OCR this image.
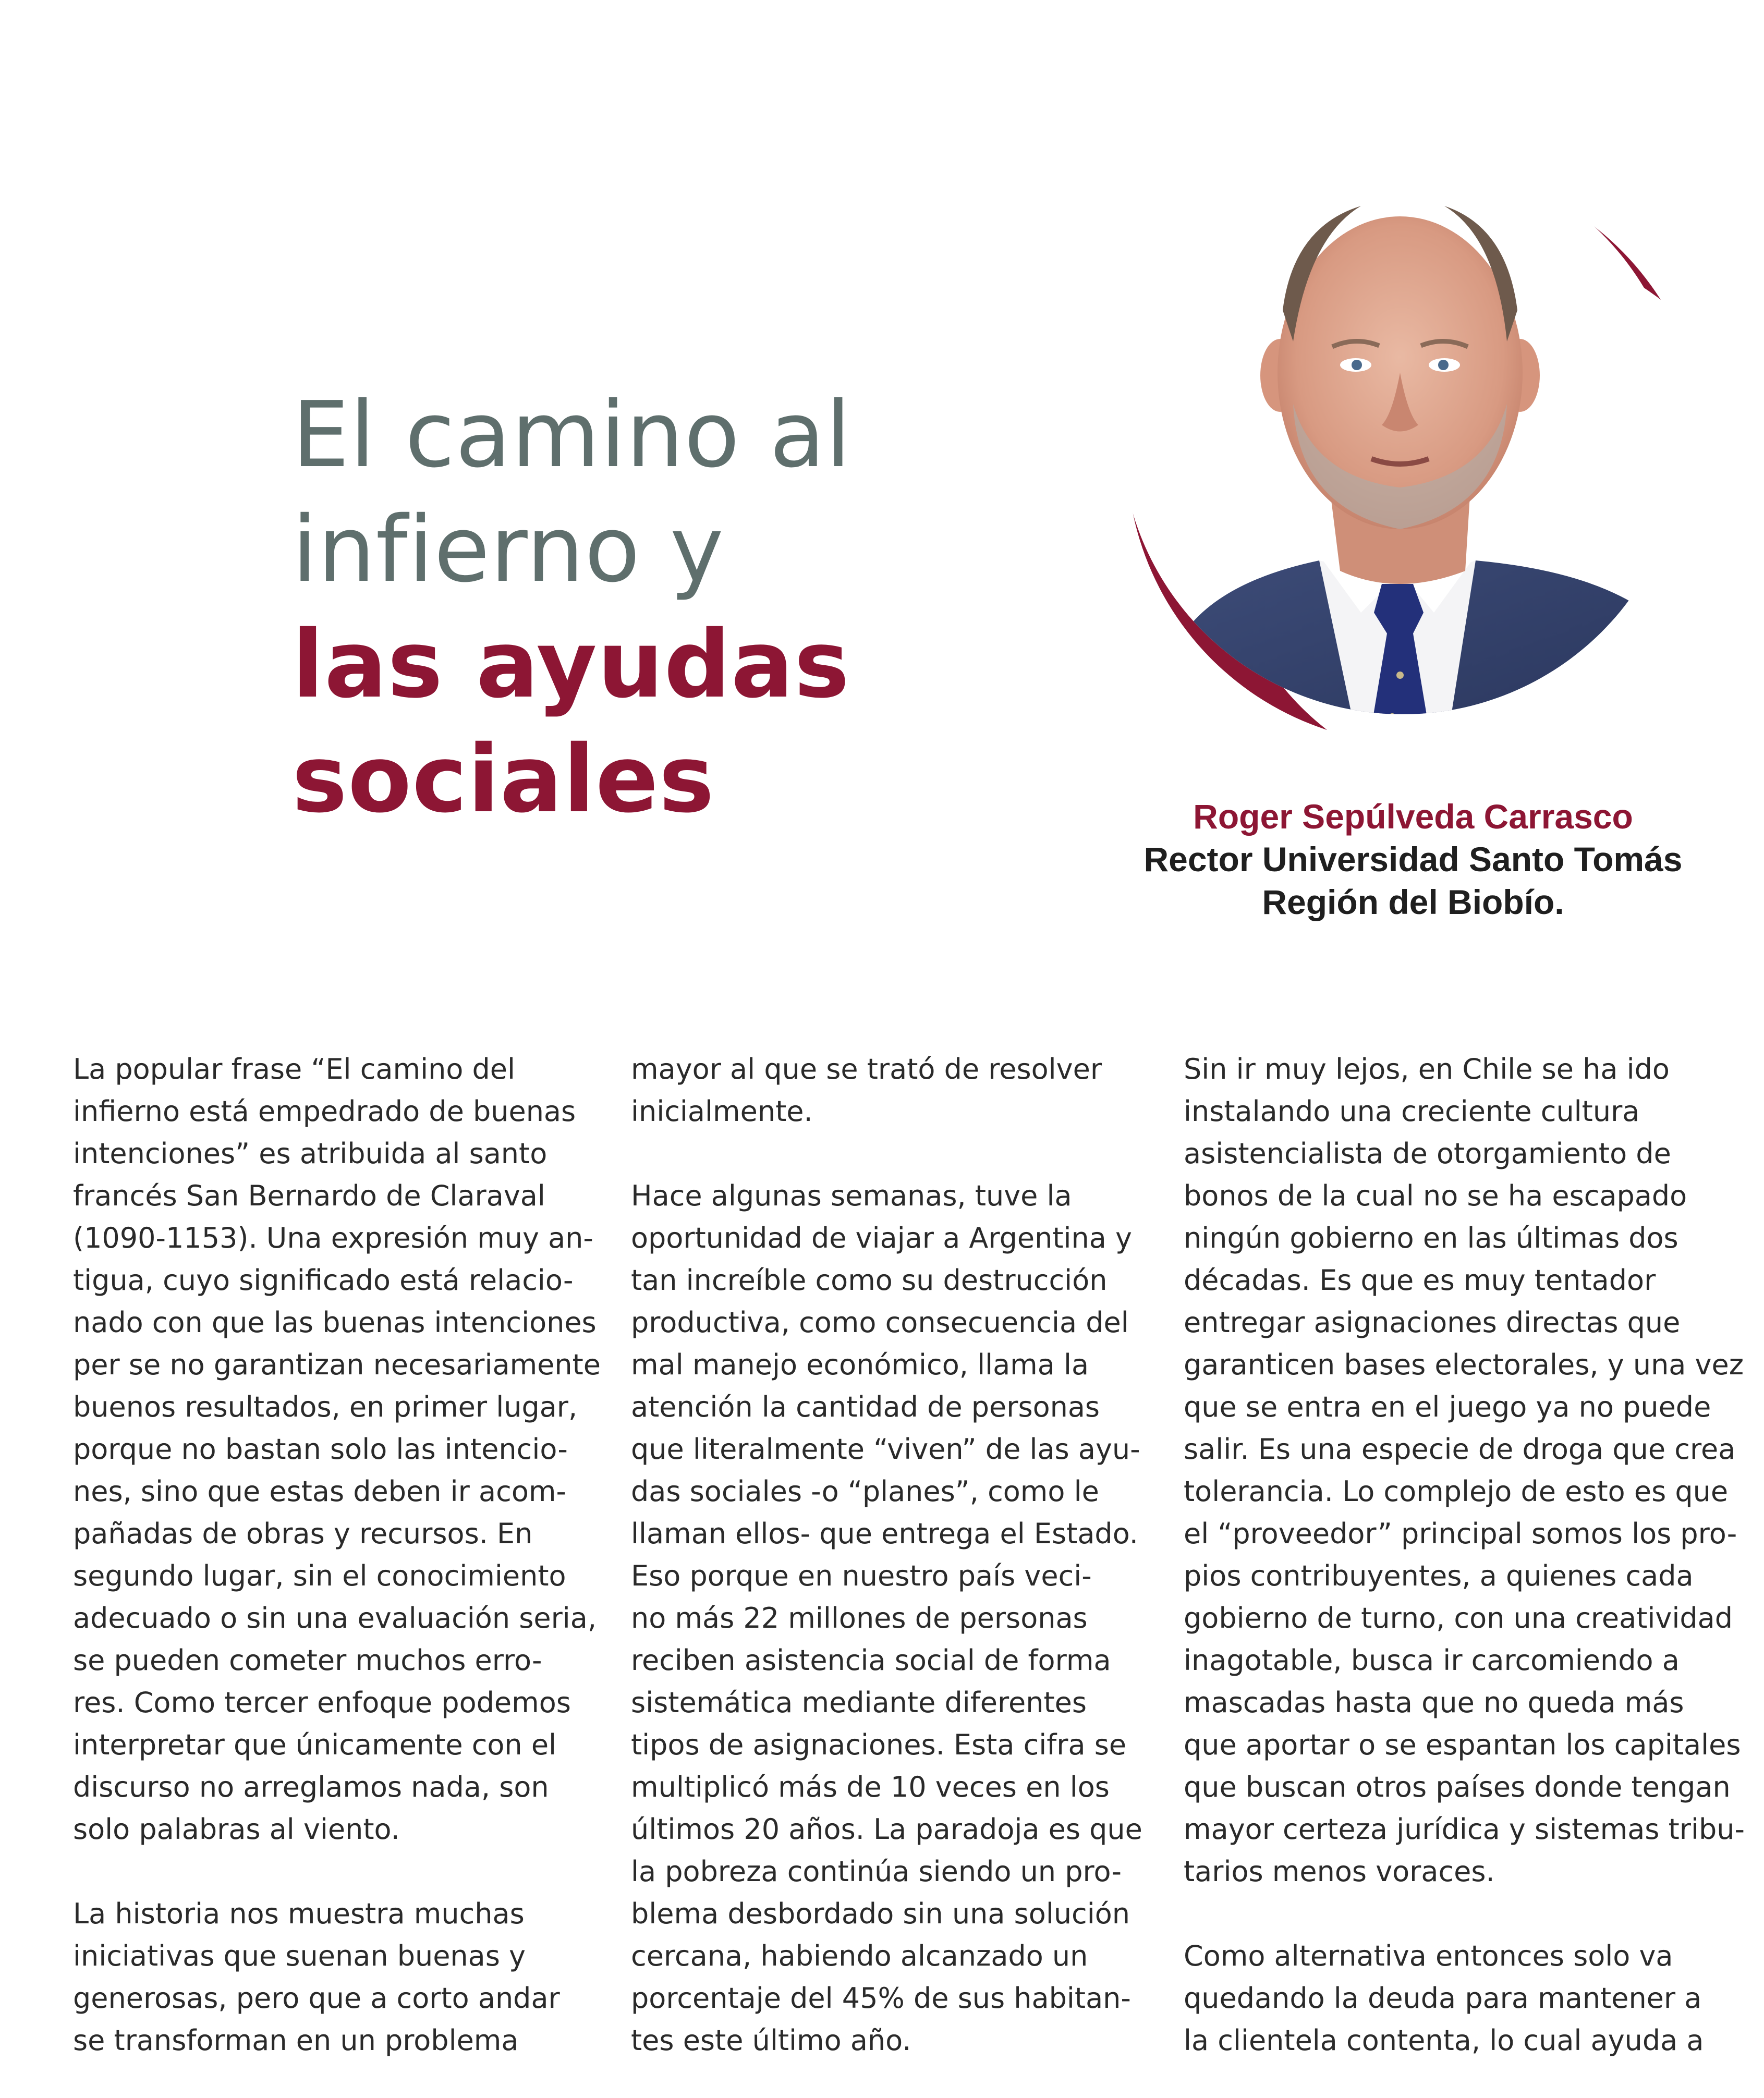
El camino al
infierno y
las ayudas
sociales	Roger Sepúlveda Carrasco
Rector Universidad Santo Tomás
Región del Biobío.

La popular frase “El camino del
infierno está empedrado de buenas
intenciones” es atribuida al santo
francés San Bernardo de Claraval
(1090-1153). Una expresión muy an-
tigua, cuyo significado está relacio-
nado con que las buenas intenciones
per se no garantizan necesariamente
buenos resultados, en primer lugar,
porque no bastan solo las intencio-
nes, sino que estas deben ir acom-
pañadas de obras y recursos. En
segundo lugar, sin el conocimiento
adecuado o sin una evaluación seria,
se pueden cometer muchos erro-
res. Como tercer enfoque podemos
interpretar que únicamente con el
discurso no arreglamos nada, son
solo palabras al viento.

La historia nos muestra muchas
iniciativas que suenan buenas y
generosas, pero que a corto andar
se transforman en un problema

mayor al que se trató de resolver
inicialmente.

Hace algunas semanas, tuve la
oportunidad de viajar a Argentina y
tan increíble como su destrucción
productiva, como consecuencia del
mal manejo económico, llama la
atención la cantidad de personas
que literalmente “viven” de las ayu-
das sociales -o “planes”, como le
llaman ellos- que entrega el Estado.
Eso porque en nuestro país veci-
no más 22 millones de personas
reciben asistencia social de forma
sistemática mediante diferentes
tipos de asignaciones. Esta cifra se
multiplicó más de 10 veces en los
últimos 20 años. La paradoja es que
la pobreza continúa siendo un pro-
blema desbordado sin una solución
cercana, habiendo alcanzado un
porcentaje del 45% de sus habitan-
tes este último año.

Sin ir muy lejos, en Chile se ha ido
instalando una creciente cultura
asistencialista de otorgamiento de
bonos de la cual no se ha escapado
ningún gobierno en las últimas dos
décadas. Es que es muy tentador
entregar asignaciones directas que
garanticen bases electorales, y una vez
que se entra en el juego ya no puede
salir. Es una especie de droga que crea
tolerancia. Lo complejo de esto es que
el “proveedor” principal somos los pro-
pios contribuyentes, a quienes cada
gobierno de turno, con una creatividad
inagotable, busca ir carcomiendo a
mascadas hasta que no queda más
que aportar o se espantan los capitales
que buscan otros países donde tengan
mayor certeza jurídica y sistemas tribu-
tarios menos voraces.

Como alternativa entonces solo va
quedando la deuda para mantener a
la clientela contenta, lo cual ayuda a
